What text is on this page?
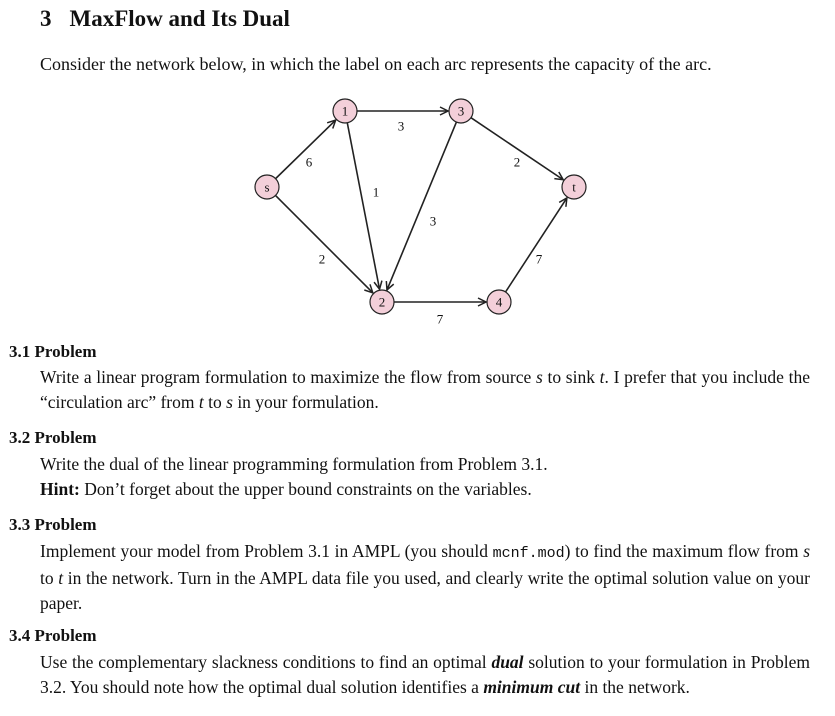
3 MaxFlow and Its Dual
Consider the network below, in which the label on each arc represents the capacity of the arc.
6
2
3
1
3
2
7
7
s
1
2
3
4
t
3.1 Problem
Write a linear program formulation to maximize the flow from source s to sink t. I prefer that you include the “circulation arc” from t to s in your formulation.
3.2 Problem
Write the dual of the linear programming formulation from Problem 3.1.
Hint: Don’t forget about the upper bound constraints on the variables.
3.3 Problem
Implement your model from Problem 3.1 in AMPL (you should mcnf.mod) to find the maximum flow from s to t in the network. Turn in the AMPL data file you used, and clearly write the optimal solution value on your paper.
3.4 Problem
Use the complementary slackness conditions to find an optimal dual solution to your formulation in Problem 3.2. You should note how the optimal dual solution identifies a minimum cut in the network.
